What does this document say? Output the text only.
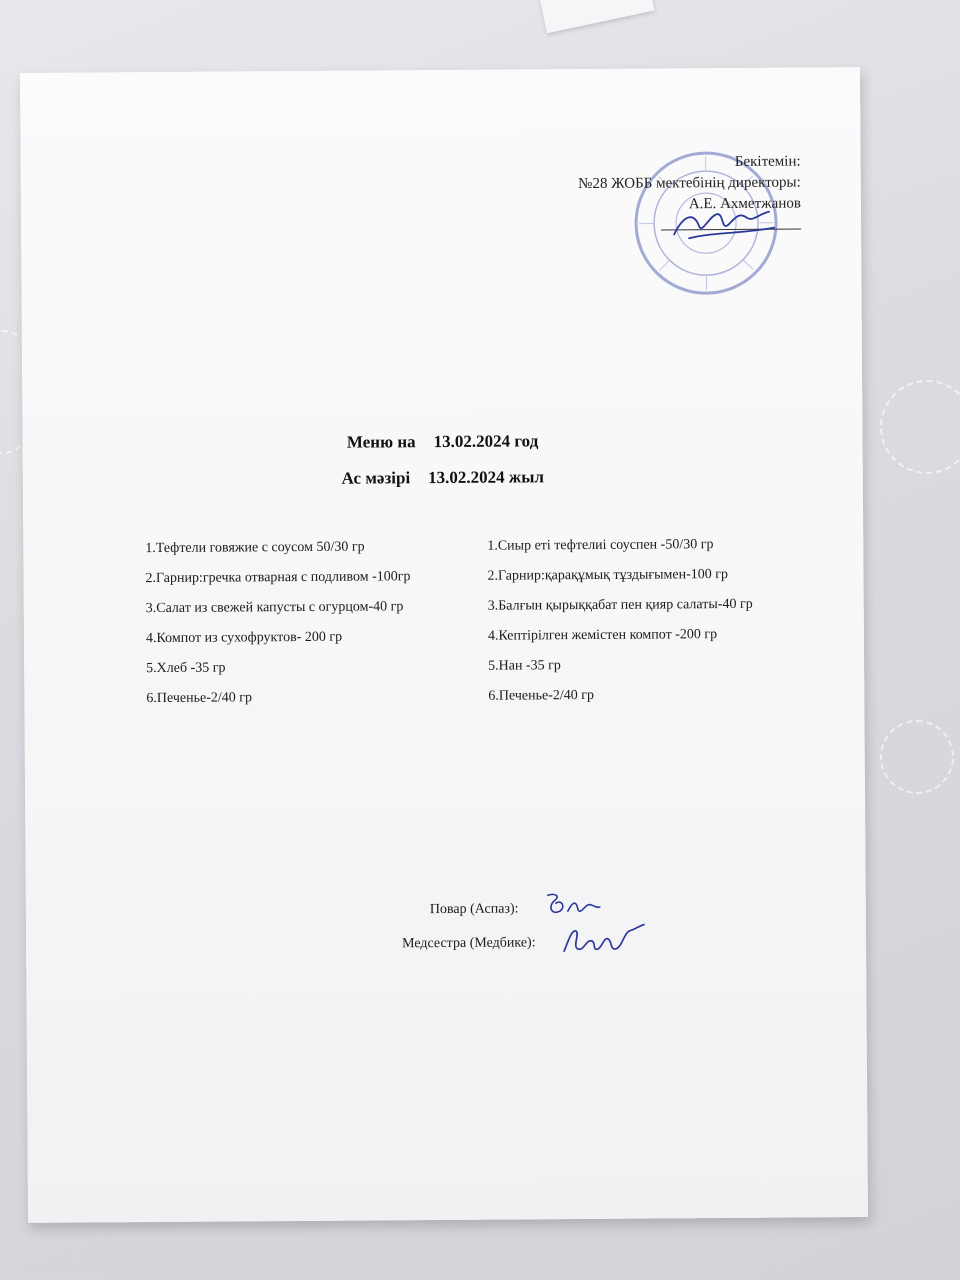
Бекітемін:
№28 ЖОББ мектебінің директоры:
А.Е. Ахметжанов
Меню на 13.02.2024 год
Ас мәзірі 13.02.2024 жыл
1.Тефтели говяжие с соусом 50/30 гр
2.Гарнир:гречка отварная с подливом -100гр
3.Салат из свежей капусты с огурцом-40 гр
4.Компот из сухофруктов- 200 гр
5.Хлеб -35 гр
6.Печенье-2/40 гр
1.Сиыр еті тефтелиі соуспен -50/30 гр
2.Гарнир:қарақұмық тұздығымен-100 гр
3.Балғын қырыққабат пен қияр салаты-40 гр
4.Кептірілген жемістен компот -200 гр
5.Нан -35 гр
6.Печенье-2/40 гр
Повар (Аспаз):
Медсестра (Медбике):
